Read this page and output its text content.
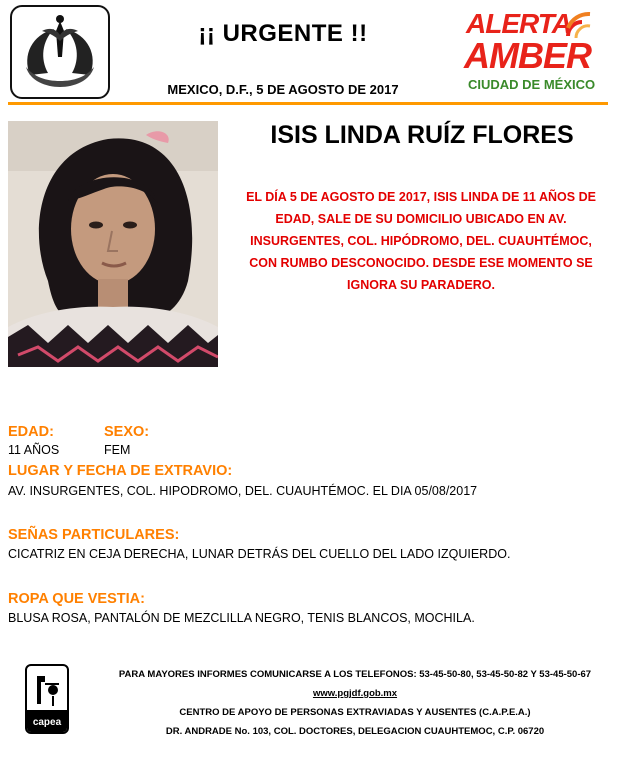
¡¡ URGENTE !!
MEXICO, D.F., 5 DE AGOSTO DE 2017
ALERTA
AMBER
CIUDAD DE MÉXICO
ISIS LINDA RUÍZ FLORES
EL DÍA 5 DE AGOSTO DE 2017, ISIS LINDA DE 11 AÑOS DE EDAD, SALE DE SU DOMICILIO UBICADO EN AV. INSURGENTES, COL. HIPÓDROMO, DEL. CUAUHTÉMOC, CON RUMBO DESCONOCIDO. DESDE ESE MOMENTO SE IGNORA SU PARADERO.
EDAD:	SEXO:
11 AÑOS	FEM
LUGAR Y FECHA DE EXTRAVIO:
AV. INSURGENTES, COL. HIPODROMO, DEL. CUAUHTÉMOC. EL DIA 05/08/2017
SEÑAS PARTICULARES:
CICATRIZ EN CEJA DERECHA, LUNAR DETRÁS DEL CUELLO DEL LADO IZQUIERDO.
ROPA QUE VESTIA:
BLUSA ROSA, PANTALÓN DE MEZCLILLA NEGRO, TENIS BLANCOS, MOCHILA.
capea
PARA MAYORES INFORMES COMUNICARSE A LOS TELEFONOS: 53-45-50-80, 53-45-50-82 Y 53-45-50-67
www.pgjdf.gob.mx
CENTRO DE APOYO DE PERSONAS EXTRAVIADAS Y AUSENTES (C.A.P.E.A.)
DR. ANDRADE No. 103, COL. DOCTORES, DELEGACION CUAUHTEMOC, C.P. 06720
